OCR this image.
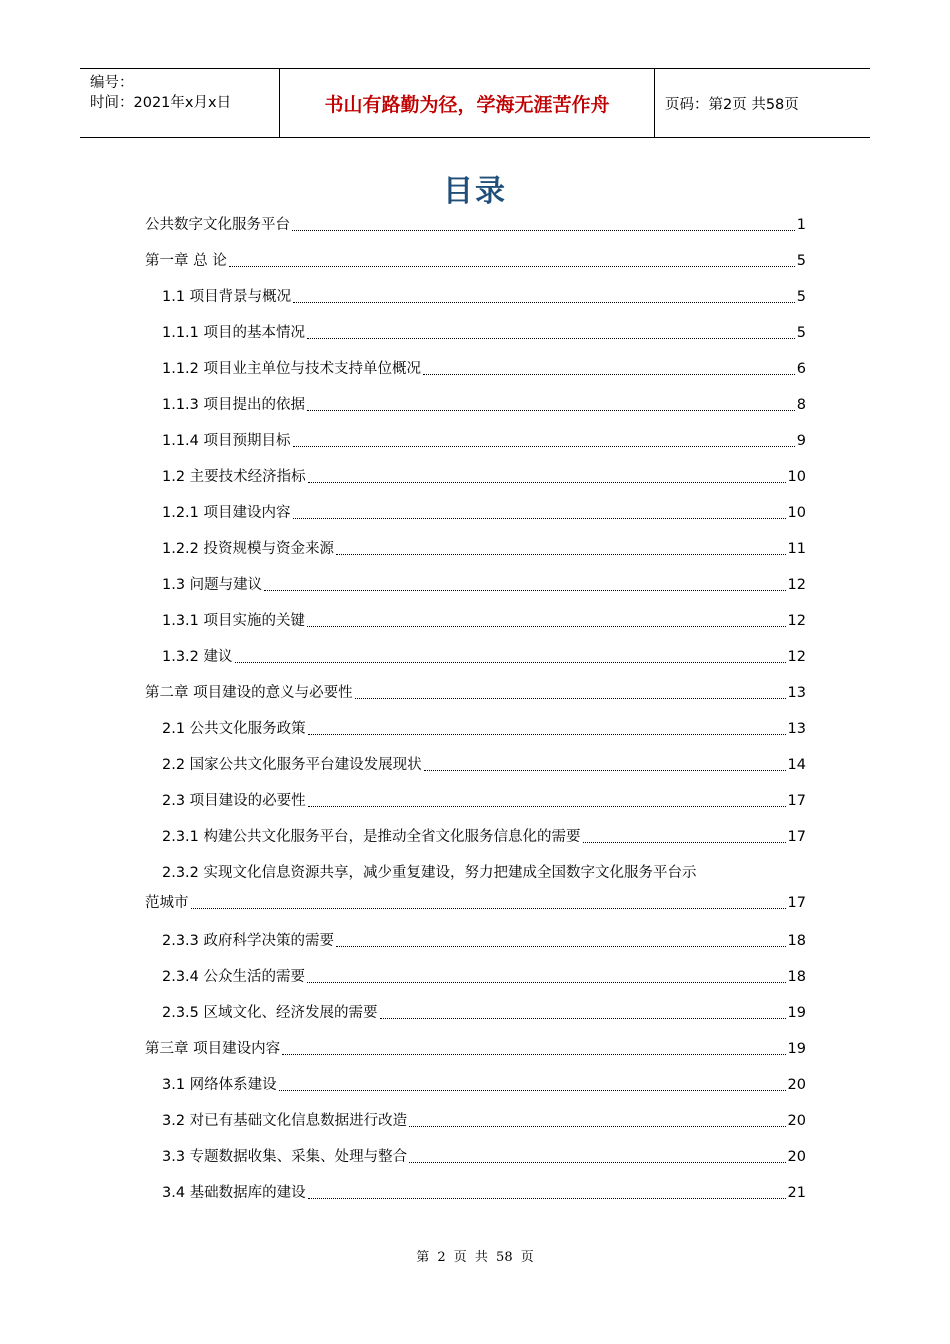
编号：
时间：2021年x月x日	书山有路勤为径，学海无涯苦作舟	页码：第2页 共58页
目录
公共数字文化服务平台	1
第一章 总 论	5
1.1 项目背景与概况	5
1.1.1 项目的基本情况	5
1.1.2 项目业主单位与技术支持单位概况	6
1.1.3 项目提出的依据	8
1.1.4 项目预期目标	9
1.2 主要技术经济指标	10
1.2.1 项目建设内容	10
1.2.2 投资规模与资金来源	11
1.3 问题与建议	12
1.3.1 项目实施的关键	12
1.3.2 建议	12
第二章 项目建设的意义与必要性	13
2.1 公共文化服务政策	13
2.2 国家公共文化服务平台建设发展现状	14
2.3 项目建设的必要性	17
2.3.1 构建公共文化服务平台，是推动全省文化服务信息化的需要	17
2.3.2 实现文化信息资源共享，减少重复建设，努力把建成全国数字文化服务平台示
范城市	17
2.3.3 政府科学决策的需要	18
2.3.4 公众生活的需要	18
2.3.5 区域文化、经济发展的需要	19
第三章 项目建设内容	19
3.1 网络体系建设	20
3.2 对已有基础文化信息数据进行改造	20
3.3 专题数据收集、采集、处理与整合	20
3.4 基础数据库的建设	21
第 2 页 共 58 页
